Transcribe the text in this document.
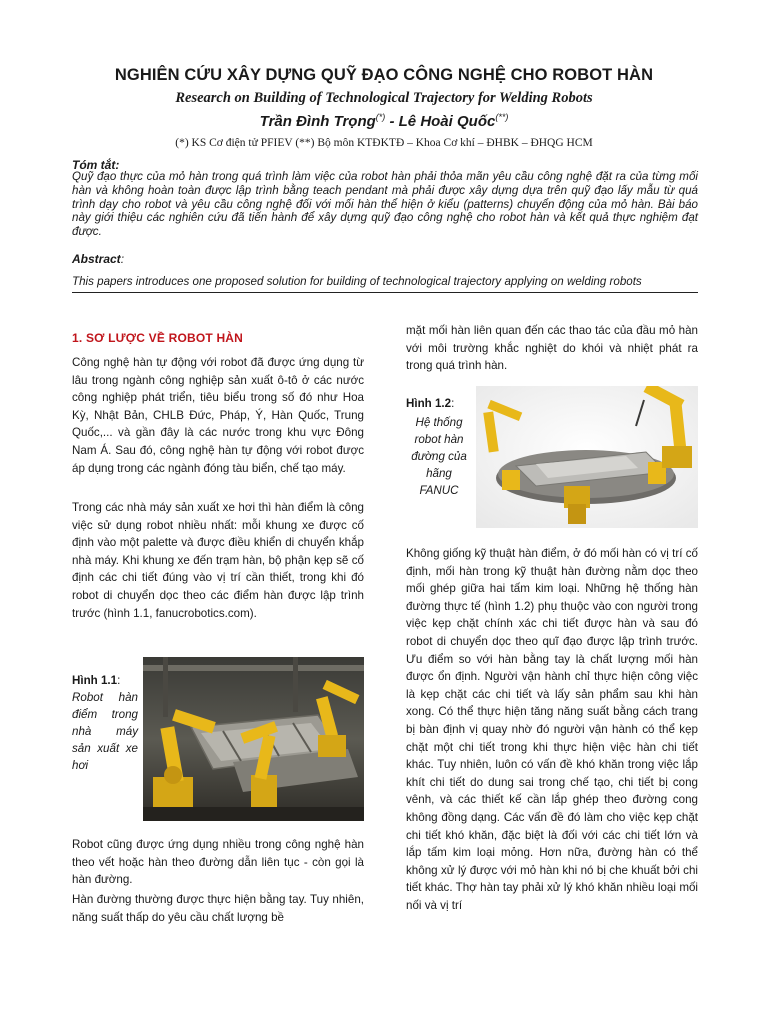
NGHIÊN CỨU XÂY DỰNG QUỸ ĐẠO CÔNG NGHỆ CHO ROBOT HÀN
Research on Building of Technological Trajectory for Welding Robots
Trần Đình Trọng(*) - Lê Hoài Quốc(**)
(*) KS Cơ điện tử PFIEV (**) Bộ môn KTĐKTĐ – Khoa Cơ khí – ĐHBK – ĐHQG HCM
Tóm tắt:
Quỹ đạo thực của mỏ hàn trong quá trình làm việc của robot hàn phải thỏa mãn yêu cầu công nghệ đặt ra của từng mối hàn và không hoàn toàn được lập trình bằng teach pendant mà phải được xây dựng dựa trên quỹ đạo lấy mẫu từ quá trình dạy cho robot và yêu cầu công nghệ đối với mối hàn thể hiện ở kiểu (patterns) chuyển động của mỏ hàn. Bài báo này giới thiệu các nghiên cứu đã tiến hành để xây dựng quỹ đạo công nghệ cho robot hàn và kết quả thực nghiệm đạt được.
Abstract:
This papers introduces one proposed solution for building of technological trajectory applying on welding robots
1. SƠ LƯỢC VỀ ROBOT HÀN

Công nghệ hàn tự động với robot đã được ứng dụng từ lâu trong ngành công nghiệp sản xuất ô-tô ở các nước công nghiệp phát triển, tiêu biểu trong số đó như Hoa Kỳ, Nhật Bản, CHLB Đức, Pháp, Ý, Hàn Quốc, Trung Quốc,... và gần đây là các nước trong khu vực Đông Nam Á. Sau đó, công nghệ hàn tự động với robot được áp dụng trong các ngành đóng tàu biển, chế tạo máy.

Trong các nhà máy sản xuất xe hơi thì hàn điểm là công việc sử dụng robot nhiều nhất: mỗi khung xe được cố định vào một palette và được điều khiển di chuyển khắp nhà máy. Khi khung xe đến trạm hàn, bộ phận kẹp sẽ cố định các chi tiết đúng vào vị trí cần thiết, trong khi đó robot di chuyển dọc theo các điểm hàn được lập trình trước (hình 1.1, fanucrobotics.com).

Hình 1.1:
Robot hàn điểm trong nhà máy sản xuất xe hơi

Robot cũng được ứng dụng nhiều trong công nghệ hàn theo vết hoặc hàn theo đường dẫn liên tục - còn gọi là hàn đường.

Hàn đường thường được thực hiện bằng tay. Tuy nhiên, năng suất thấp do yêu cầu chất lượng bề

mặt mối hàn liên quan đến các thao tác của đầu mỏ hàn với môi trường khắc nghiệt do khói và nhiệt phát ra trong quá trình hàn.

Hình 1.2:
Hệ thống robot hàn đường của hãng FANUC

Không giống kỹ thuật hàn điểm, ở đó mối hàn có vị trí cố định, mối hàn trong kỹ thuật hàn đường nằm dọc theo mối ghép giữa hai tấm kim loại. Những hệ thống hàn đường thực tế (hình 1.2) phụ thuộc vào con người trong việc kẹp chặt chính xác chi tiết được hàn và sau đó robot di chuyển dọc theo quĩ đạo được lập trình trước. Ưu điểm so với hàn bằng tay là chất lượng mối hàn được ổn định. Người vận hành chỉ thực hiện công việc là kẹp chặt các chi tiết và lấy sản phẩm sau khi hàn xong. Có thể thực hiện tăng năng suất bằng cách trang bị bàn định vị quay nhờ đó người vận hành có thể kẹp chặt một chi tiết trong khi thực hiện việc hàn chi tiết khác. Tuy nhiên, luôn có vấn đề khó khăn trong việc lắp khít chi tiết do dung sai trong chế tạo, chi tiết bị cong vênh, và các thiết kế cần lắp ghép theo đường cong không đồng dạng. Các vấn đề đó làm cho việc kẹp chặt chi tiết khó khăn, đặc biệt là đối với các chi tiết lớn và lắp tấm kim loại mỏng. Hơn nữa, đường hàn có thể không xử lý được với mỏ hàn khi nó bị che khuất bởi chi tiết khác. Thợ hàn tay phải xử lý khó khăn nhiều loại mối nối và vị trí
